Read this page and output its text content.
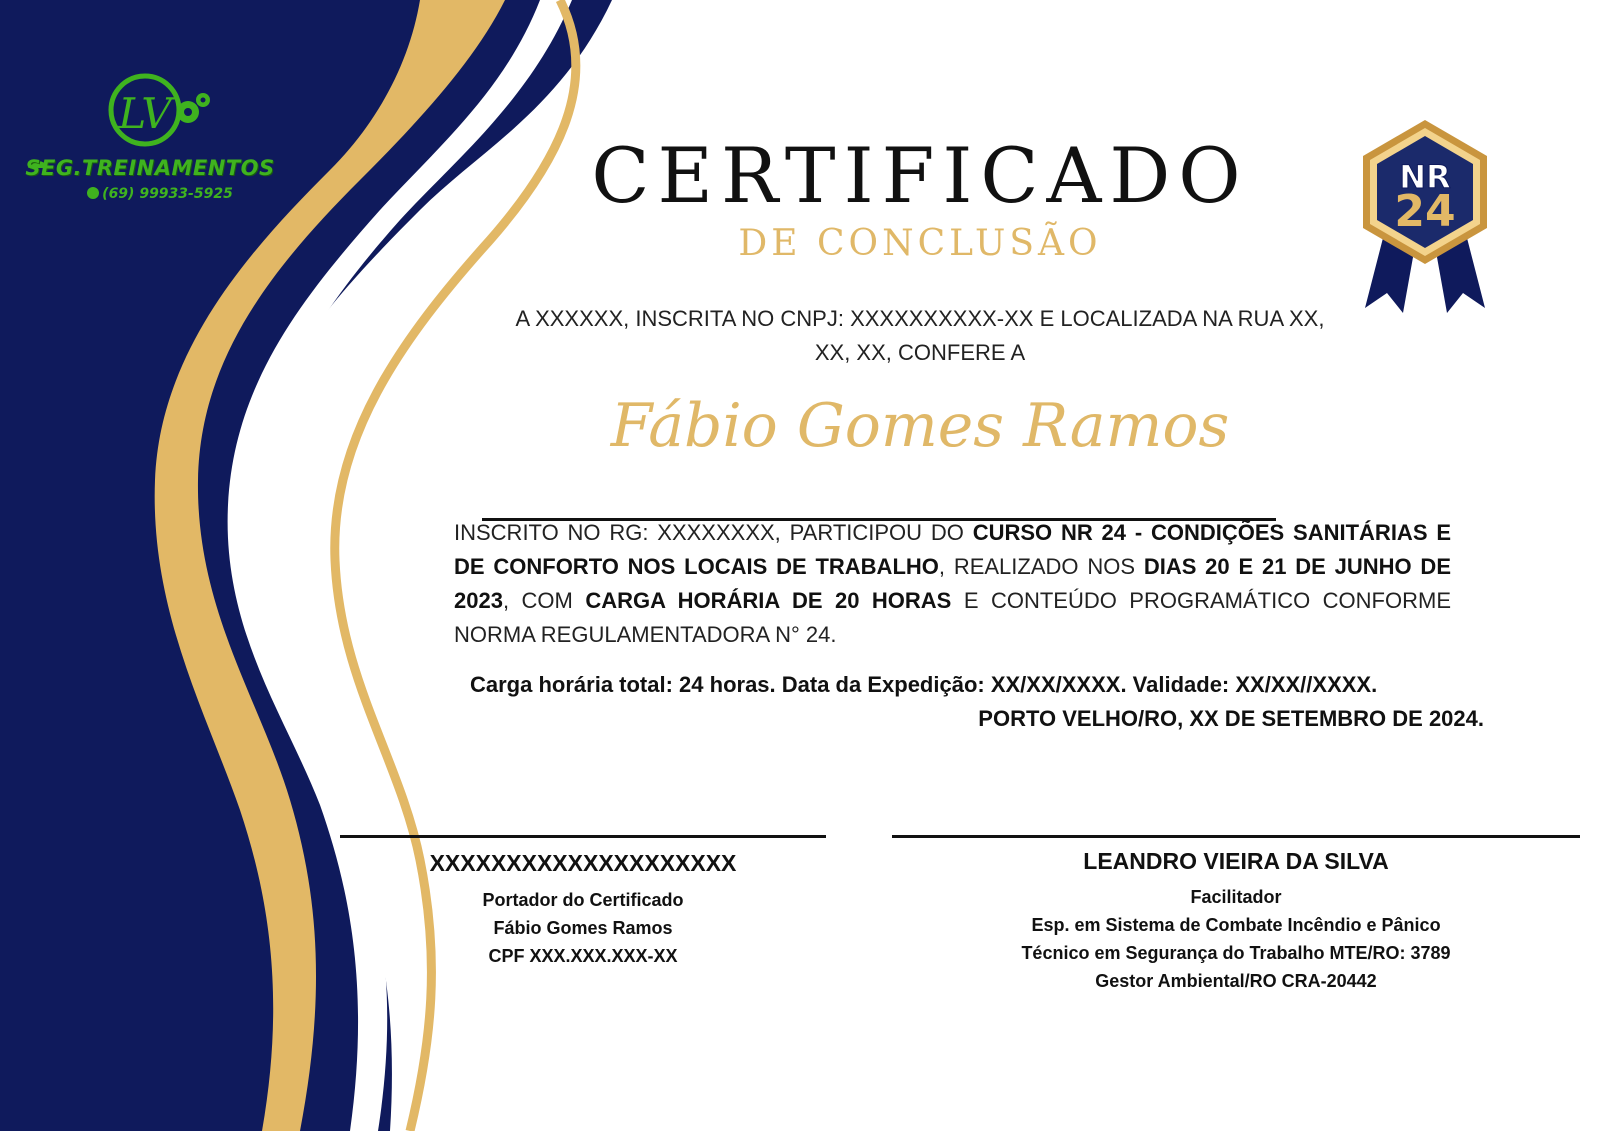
LV
SEG.TREINAMENTOS
(69) 99933-5925	CERTIFICADO
DE CONCLUSÃO
NR
24
A XXXXXX, INSCRITA NO CNPJ: XXXXXXXXXX-XX E LOCALIZADA NA RUA XX, XX, XX, CONFERE A
Fábio Gomes Ramos
INSCRITO NO RG: XXXXXXXX, PARTICIPOU DO CURSO NR 24 - CONDIÇÕES SANITÁRIAS E DE CONFORTO NOS LOCAIS DE TRABALHO, REALIZADO NOS DIAS 20 E 21 DE JUNHO DE 2023, COM CARGA HORÁRIA DE 20 HORAS E CONTEÚDO PROGRAMÁTICO CONFORME NORMA REGULAMENTADORA N° 24.
Carga horária total: 24 horas. Data da Expedição: XX/XX/XXXX. Validade: XX/XX//XXXX.
PORTO VELHO/RO, XX DE SETEMBRO DE 2024.
XXXXXXXXXXXXXXXXXXXX
Portador do Certificado
Fábio Gomes Ramos
CPF XXX.XXX.XXX-XX
LEANDRO VIEIRA DA SILVA
Facilitador
Esp. em Sistema de Combate Incêndio e Pânico
Técnico em Segurança do Trabalho MTE/RO: 3789
Gestor Ambiental/RO CRA-20442
